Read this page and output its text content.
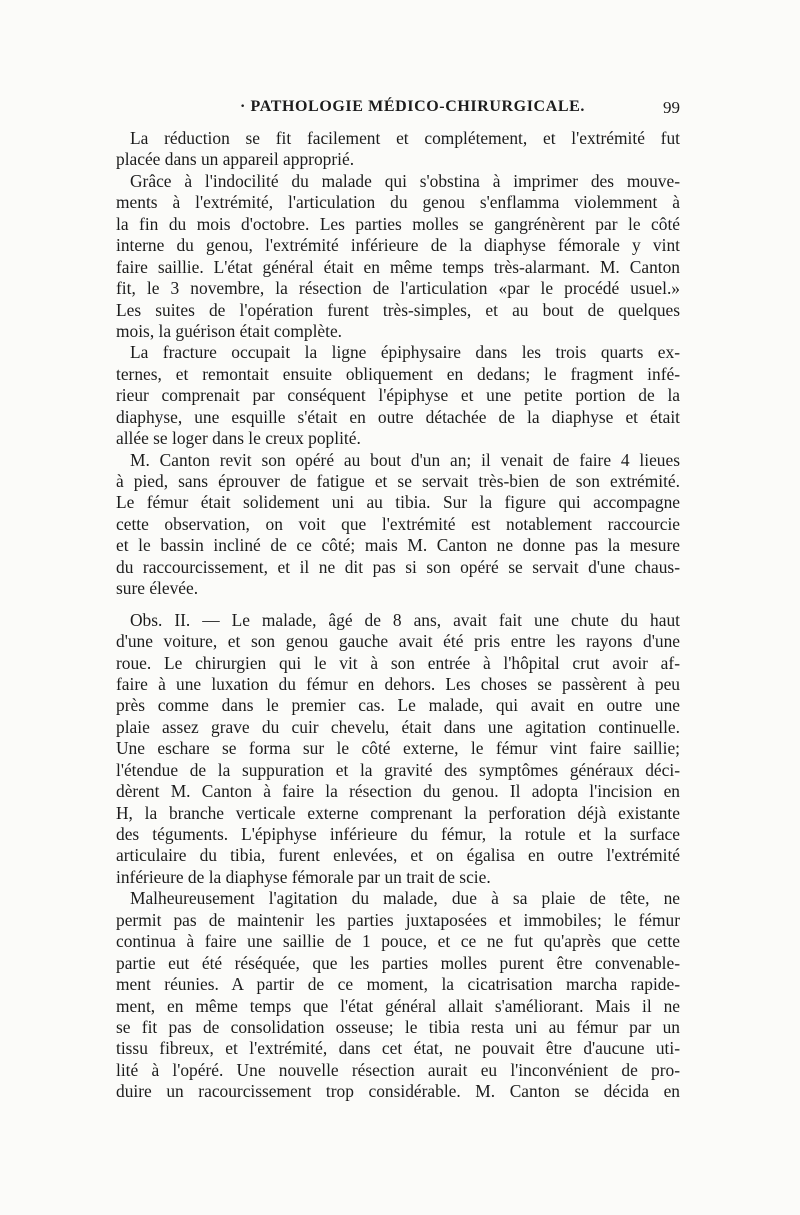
· PATHOLOGIE MÉDICO-CHIRURGICALE.	99
La réduction se fit facilement et complétement, et l'extrémité fut
placée dans un appareil approprié.
Grâce à l'indocilité du malade qui s'obstina à imprimer des mouve-
ments à l'extrémité, l'articulation du genou s'enflamma violemment à
la fin du mois d'octobre. Les parties molles se gangrénèrent par le côté
interne du genou, l'extrémité inférieure de la diaphyse fémorale y vint
faire saillie. L'état général était en même temps très-alarmant. M. Canton
fit, le 3 novembre, la résection de l'articulation «par le procédé usuel.»
Les suites de l'opération furent très-simples, et au bout de quelques
mois, la guérison était complète.
La fracture occupait la ligne épiphysaire dans les trois quarts ex-
ternes, et remontait ensuite obliquement en dedans; le fragment infé-
rieur comprenait par conséquent l'épiphyse et une petite portion de la
diaphyse, une esquille s'était en outre détachée de la diaphyse et était
allée se loger dans le creux poplité.
M. Canton revit son opéré au bout d'un an; il venait de faire 4 lieues
à pied, sans éprouver de fatigue et se servait très-bien de son extrémité.
Le fémur était solidement uni au tibia. Sur la figure qui accompagne
cette observation, on voit que l'extrémité est notablement raccourcie
et le bassin incliné de ce côté; mais M. Canton ne donne pas la mesure
du raccourcissement, et il ne dit pas si son opéré se servait d'une chaus-
sure élevée.
Obs. II. — Le malade, âgé de 8 ans, avait fait une chute du haut
d'une voiture, et son genou gauche avait été pris entre les rayons d'une
roue. Le chirurgien qui le vit à son entrée à l'hôpital crut avoir af-
faire à une luxation du fémur en dehors. Les choses se passèrent à peu
près comme dans le premier cas. Le malade, qui avait en outre une
plaie assez grave du cuir chevelu, était dans une agitation continuelle.
Une eschare se forma sur le côté externe, le fémur vint faire saillie;
l'étendue de la suppuration et la gravité des symptômes généraux déci-
dèrent M. Canton à faire la résection du genou. Il adopta l'incision en
H, la branche verticale externe comprenant la perforation déjà existante
des téguments. L'épiphyse inférieure du fémur, la rotule et la surface
articulaire du tibia, furent enlevées, et on égalisa en outre l'extrémité
inférieure de la diaphyse fémorale par un trait de scie.
Malheureusement l'agitation du malade, due à sa plaie de tête, ne
permit pas de maintenir les parties juxtaposées et immobiles; le fémur
continua à faire une saillie de 1 pouce, et ce ne fut qu'après que cette
partie eut été réséquée, que les parties molles purent être convenable-
ment réunies. A partir de ce moment, la cicatrisation marcha rapide-
ment, en même temps que l'état général allait s'améliorant. Mais il ne
se fit pas de consolidation osseuse; le tibia resta uni au fémur par un
tissu fibreux, et l'extrémité, dans cet état, ne pouvait être d'aucune uti-
lité à l'opéré. Une nouvelle résection aurait eu l'inconvénient de pro-
duire un racourcissement trop considérable. M. Canton se décida en
